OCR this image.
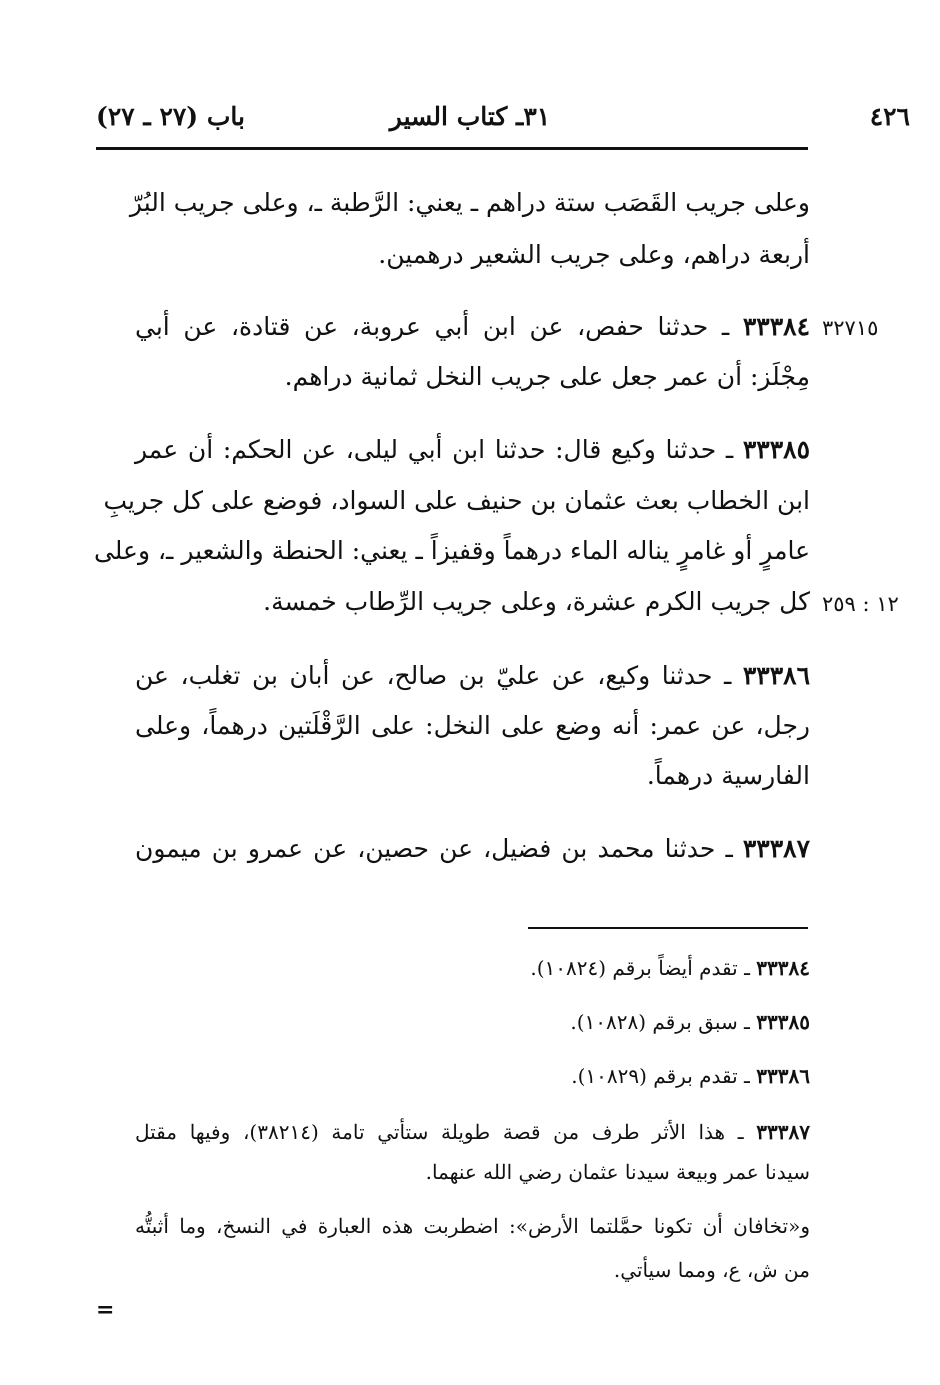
٤٢٦
٣١ـ كتاب السير
باب (٢٧ ـ ٢٧)
وعلى جريب القَصَب ستة دراهم ـ يعني: الرَّطبة ـ، وعلى جريب البُرّ
أربعة دراهم، وعلى جريب الشعير درهمين.
٣٢٧١٥
٣٣٣٨٤ ـ حدثنا حفص، عن ابن أبي عروبة، عن قتادة، عن أبي
مِجْلَز: أن عمر جعل على جريب النخل ثمانية دراهم.
٣٣٣٨٥ ـ حدثنا وكيع قال: حدثنا ابن أبي ليلى، عن الحكم: أن عمر
ابن الخطاب بعث عثمان بن حنيف على السواد، فوضع على كل جريبِ
عامرٍ أو غامرٍ يناله الماء درهماً وقفيزاً ـ يعني: الحنطة والشعير ـ، وعلى
١٢ : ٢٥٩
كل جريب الكرم عشرة، وعلى جريب الرِّطاب خمسة.
٣٣٣٨٦ ـ حدثنا وكيع، عن عليّ بن صالح، عن أبان بن تغلب، عن
رجل، عن عمر: أنه وضع على النخل: على الرَّقْلَتين درهماً، وعلى
الفارسية درهماً.
٣٣٣٨٧ ـ حدثنا محمد بن فضيل، عن حصين، عن عمرو بن ميمون
٣٣٣٨٤ ـ تقدم أيضاً برقم (١٠٨٢٤).
٣٣٣٨٥ ـ سبق برقم (١٠٨٢٨).
٣٣٣٨٦ ـ تقدم برقم (١٠٨٢٩).
٣٣٣٨٧ ـ هذا الأثر طرف من قصة طويلة ستأتي تامة (٣٨٢١٤)، وفيها مقتل
سيدنا عمر وبيعة سيدنا عثمان رضي الله عنهما.
و«تخافان أن تكونا حمَّلتما الأرض»: اضطربت هذه العبارة في النسخ، وما أثبتُّه
من ش، ع، ومما سيأتي.
=
